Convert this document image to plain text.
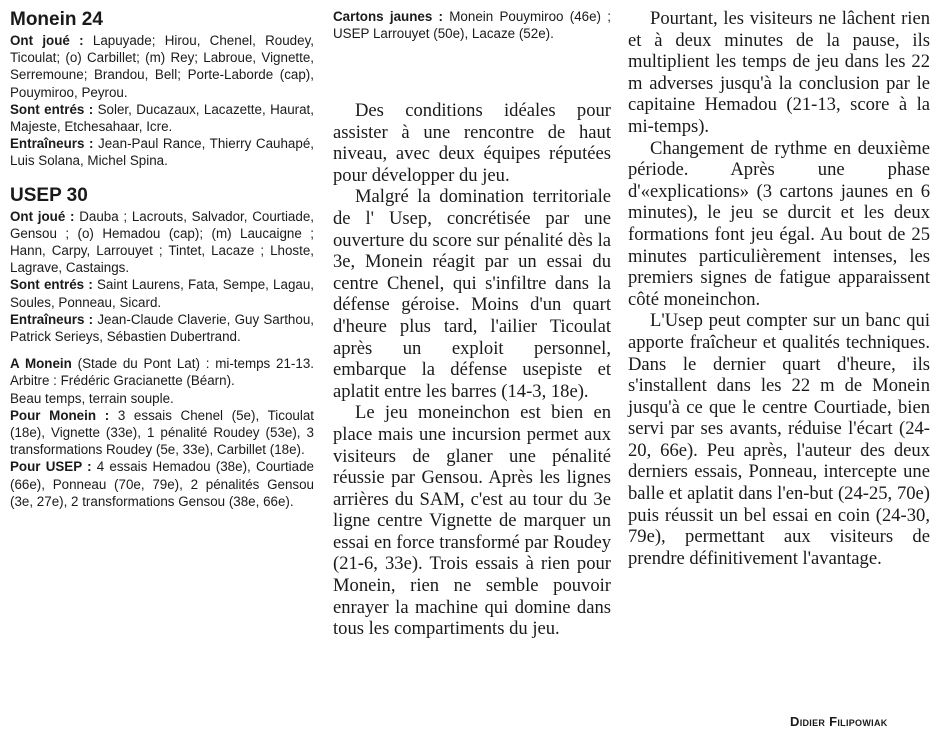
Monein 24

Ont joué : Lapuyade; Hirou, Chenel, Roudey, Ticoulat; (o) Carbillet; (m) Rey; Labroue, Vignette, Serremoune; Brandou, Bell; Porte-Laborde (cap), Pouymiroo, Peyrou.

Sont entrés : Soler, Ducazaux, Lacazette, Haurat, Majeste, Etchesahaar, Icre.

Entraîneurs : Jean-Paul Rance, Thierry Cauhapé, Luis Solana, Michel Spina.

USEP 30

Ont joué : Dauba ; Lacrouts, Salvador, Courtiade, Gensou ; (o) Hemadou (cap); (m) Laucaigne ; Hann, Carpy, Larrouyet ; Tintet, Lacaze ; Lhoste, Lagrave, Castaings.

Sont entrés : Saint Laurens, Fata, Sempe, Lagau, Soules, Ponneau, Sicard.

Entraîneurs : Jean-Claude Claverie, Guy Sarthou, Patrick Serieys, Sébastien Dubertrand.

A Monein (Stade du Pont Lat) : mi-temps 21-13. Arbitre : Frédéric Gracianette (Béarn).

Beau temps, terrain souple.

Pour Monein : 3 essais Chenel (5e), Ticoulat (18e), Vignette (33e), 1 pénalité Roudey (53e), 3 transformations Roudey (5e, 33e), Carbillet (18e).

Pour USEP : 4 essais Hemadou (38e), Courtiade (66e), Ponneau (70e, 79e), 2 pénalités Gensou (3e, 27e), 2 transformations Gensou (38e, 66e).

Des conditions idéales pour assister à une rencontre de haut niveau, avec deux équipes réputées pour développer du jeu.

Malgré la domination territoriale de l' Usep, concrétisée par une ouverture du score sur pénalité dès la 3e, Monein réagit par un essai du centre Chenel, qui s'infiltre dans la défense géroise. Moins d'un quart d'heure plus tard, l'ailier Ticoulat après un exploit personnel, embarque la défense usepiste et aplatit entre les barres (14-3, 18e).

Le jeu moneinchon est bien en place mais une incursion permet aux visiteurs de glaner une pénalité réussie par Gensou. Après les lignes arrières du SAM, c'est au tour du 3e ligne centre Vignette de marquer un essai en force transformé par Roudey (21-6, 33e). Trois essais à rien pour Monein, rien ne semble pouvoir enrayer la machine qui domine dans tous les compartiments du jeu.

Cartons jaunes : Monein Pouymiroo (46e) ; USEP Larrouyet (50e), Lacaze (52e).

Pourtant, les visiteurs ne lâchent rien et à deux minutes de la pause, ils multiplient les temps de jeu dans les 22 m adverses jusqu'à la conclusion par le capitaine Hemadou (21-13, score à la mi-temps).

Changement de rythme en deuxième période. Après une phase d'«explications» (3 cartons jaunes en 6 minutes), le jeu se durcit et les deux formations font jeu égal. Au bout de 25 minutes particulièrement intenses, les premiers signes de fatigue apparaissent côté moneinchon.

L'Usep peut compter sur un banc qui apporte fraîcheur et qualités techniques. Dans le dernier quart d'heure, ils s'installent dans les 22 m de Monein jusqu'à ce que le centre Courtiade, bien servi par ses avants, réduise l'écart (24-20, 66e). Peu après, l'auteur des deux derniers essais, Ponneau, intercepte une balle et aplatit dans l'en-but (24-25, 70e) puis réussit un bel essai en coin (24-30, 79e), permettant aux visiteurs de prendre définitivement l'avantage.

Didier Filipowiak
